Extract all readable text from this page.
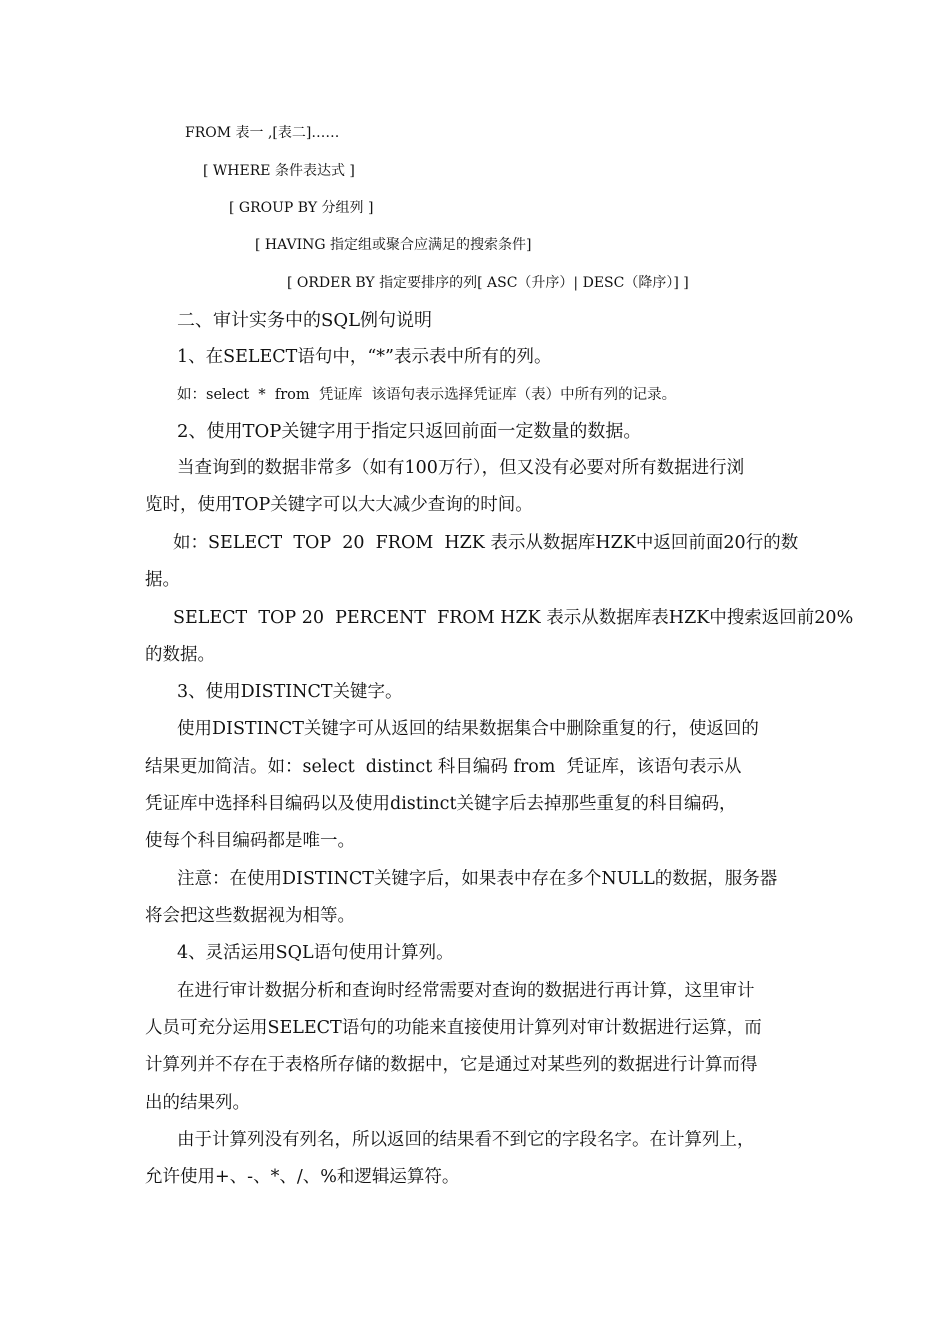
FROM 表一 ,[表二]……
[ WHERE 条件表达式 ]
[ GROUP BY 分组列 ]
[ HAVING 指定组或聚合应满足的搜索条件]
[ ORDER BY 指定要排序的列[ ASC（升序）| DESC（降序）] ]
二、审计实务中的SQL例句说明
1、在SELECT语句中，“*”表示表中所有的列。
如：select  *  from  凭证库  该语句表示选择凭证库（表）中所有列的记录。
2、使用TOP关键字用于指定只返回前面一定数量的数据。
当查询到的数据非常多（如有100万行），但又没有必要对所有数据进行浏
览时，使用TOP关键字可以大大减少查询的时间。
如：SELECT  TOP  20  FROM  HZK 表示从数据库HZK中返回前面20行的数
据。
SELECT  TOP 20  PERCENT  FROM HZK 表示从数据库表HZK中搜索返回前20%
的数据。
3、使用DISTINCT关键字。
使用DISTINCT关键字可从返回的结果数据集合中删除重复的行，使返回的
结果更加简洁。如：select  distinct 科目编码 from  凭证库，该语句表示从
凭证库中选择科目编码以及使用distinct关键字后去掉那些重复的科目编码，
使每个科目编码都是唯一。
注意：在使用DISTINCT关键字后，如果表中存在多个NULL的数据，服务器
将会把这些数据视为相等。
4、灵活运用SQL语句使用计算列。
在进行审计数据分析和查询时经常需要对查询的数据进行再计算，这里审计
人员可充分运用SELECT语句的功能来直接使用计算列对审计数据进行运算，而
计算列并不存在于表格所存储的数据中，它是通过对某些列的数据进行计算而得
出的结果列。
由于计算列没有列名，所以返回的结果看不到它的字段名字。在计算列上，
允许使用+、-、*、/、%和逻辑运算符。
